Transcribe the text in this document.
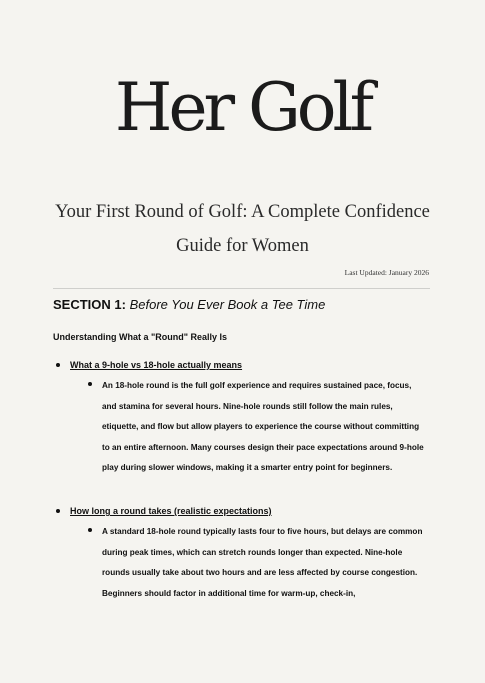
Her Golf
Your First Round of Golf: A Complete Confidence Guide for Women
Last Updated: January 2026
SECTION 1: Before You Ever Book a Tee Time
Understanding What a "Round" Really Is
What a 9-hole vs 18-hole actually means
An 18-hole round is the full golf experience and requires sustained pace, focus, and stamina for several hours. Nine-hole rounds still follow the main rules, etiquette, and flow but allow players to experience the course without committing to an entire afternoon. Many courses design their pace expectations around 9-hole play during slower windows, making it a smarter entry point for beginners.
How long a round takes (realistic expectations)
A standard 18-hole round typically lasts four to five hours, but delays are common during peak times, which can stretch rounds longer than expected. Nine-hole rounds usually take about two hours and are less affected by course congestion. Beginners should factor in additional time for warm-up, check-in,
